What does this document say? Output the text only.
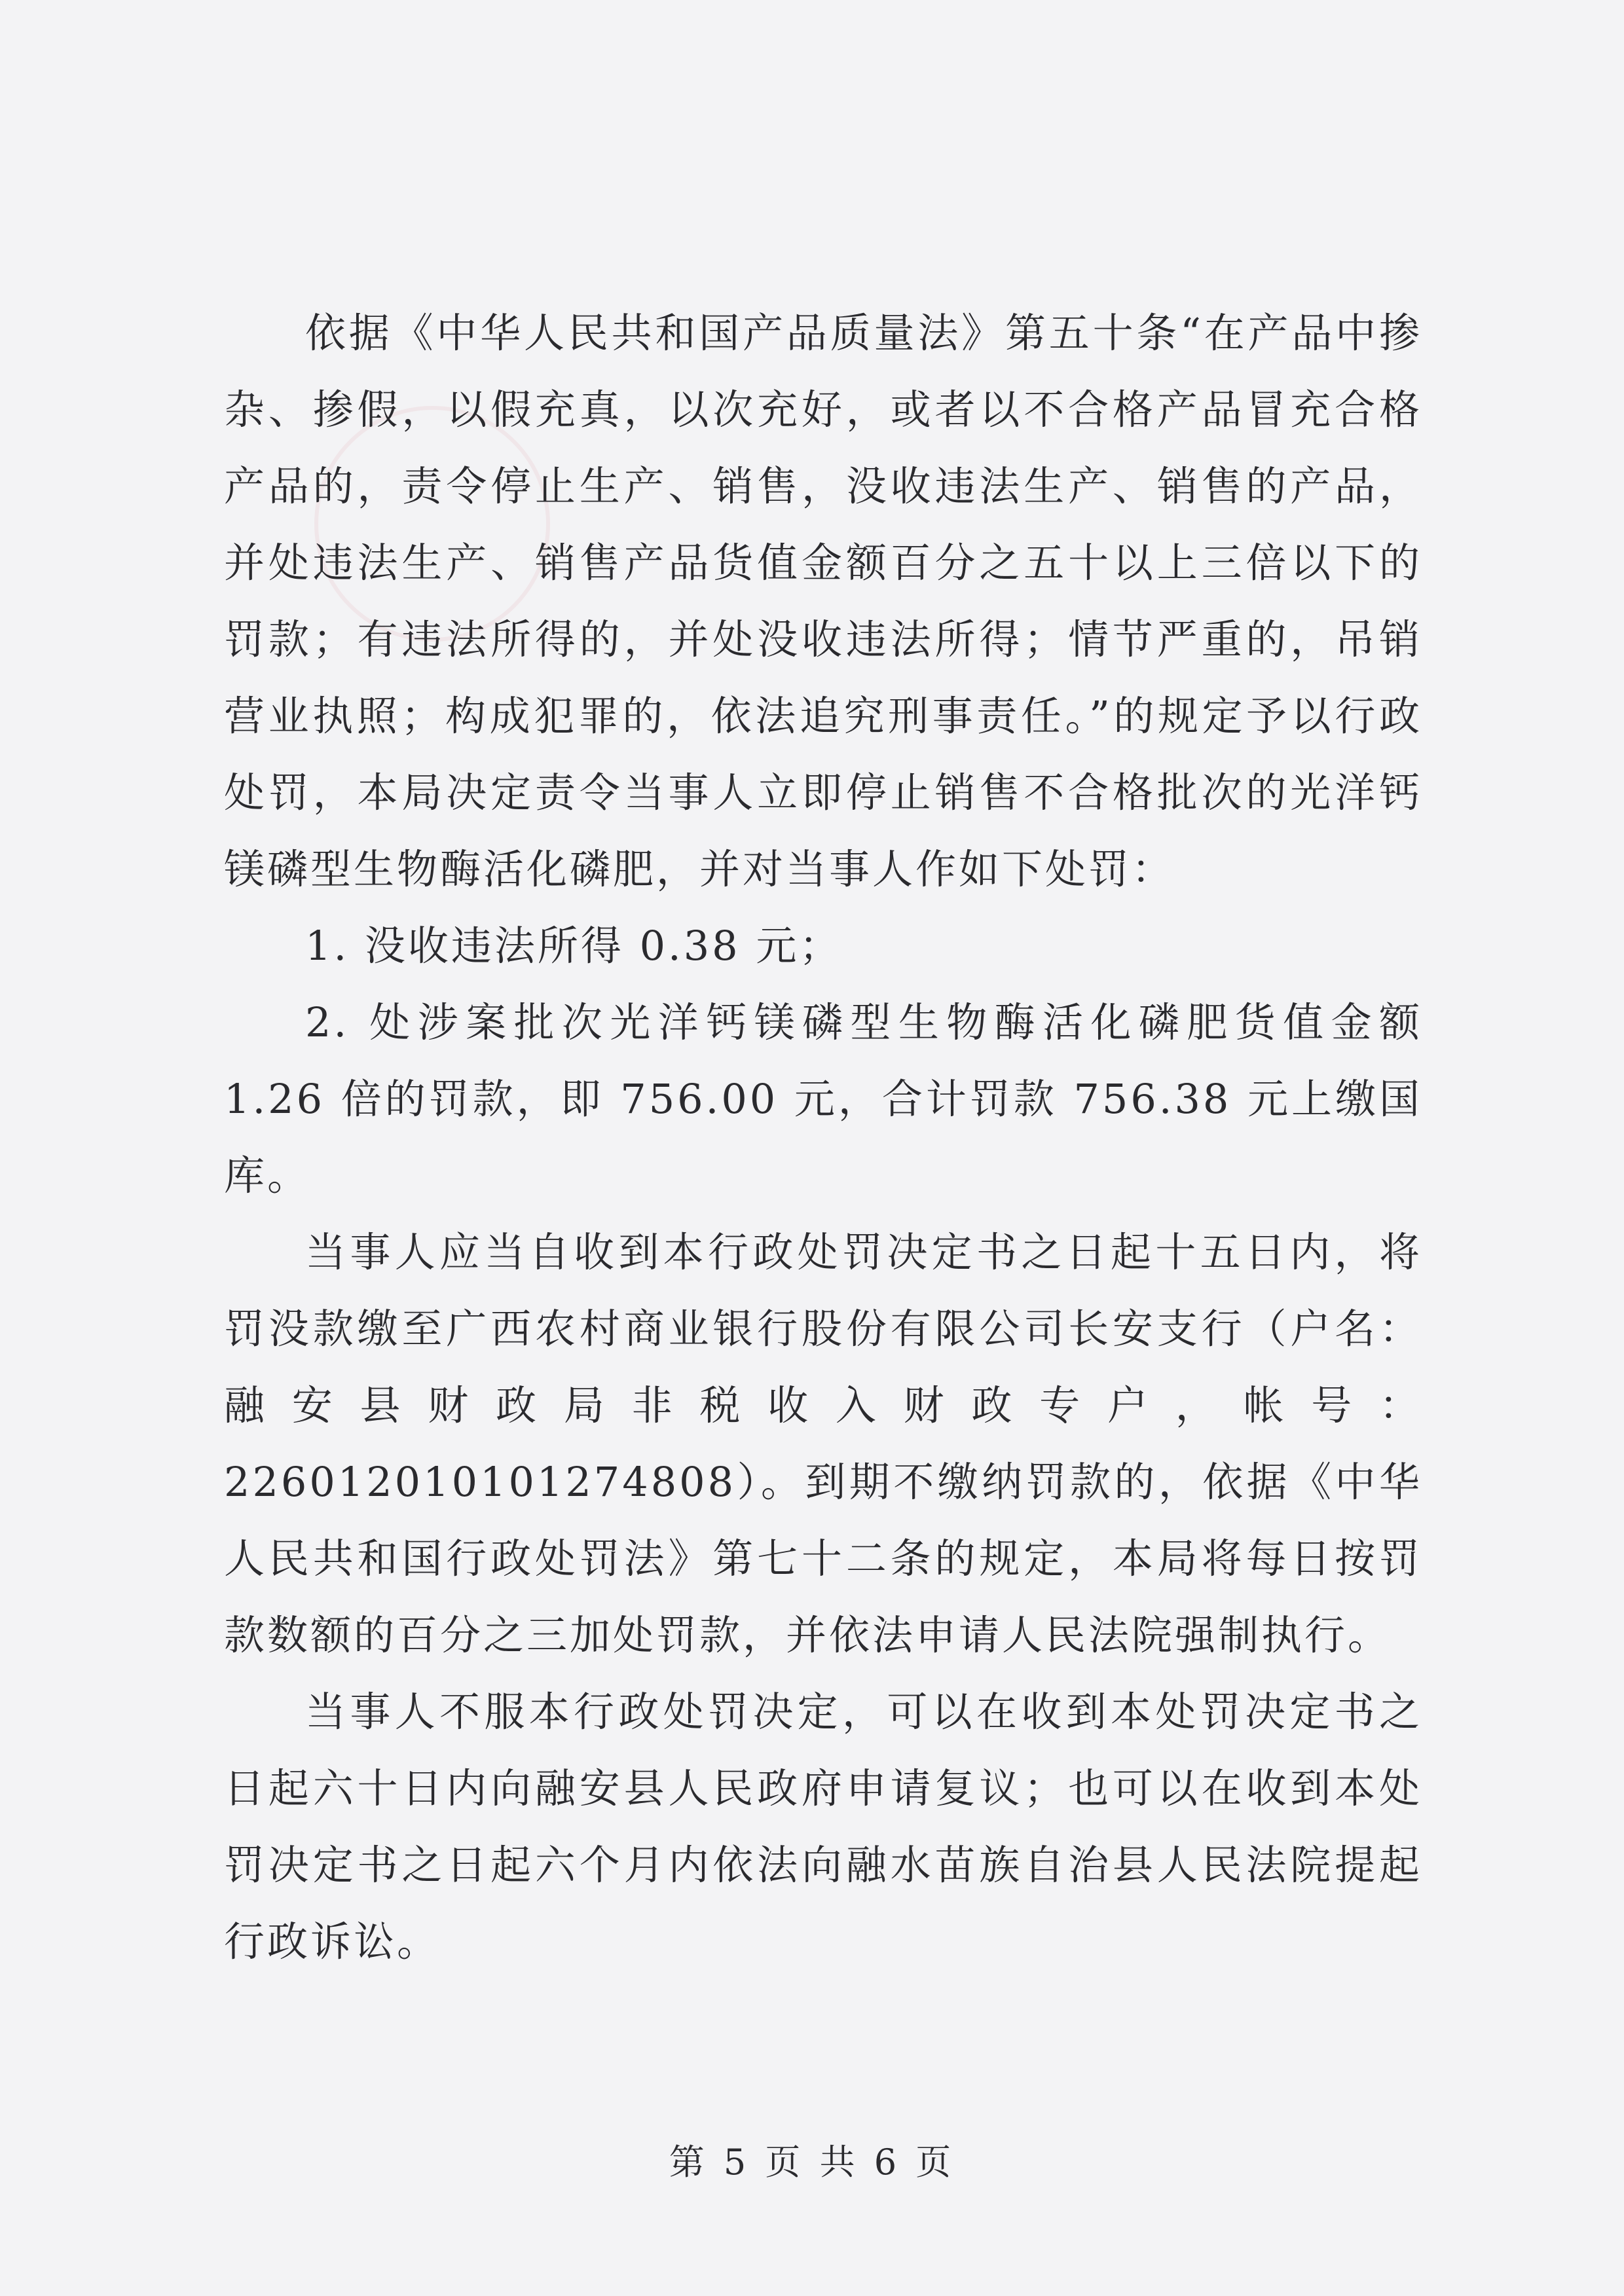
依据《中华人民共和国产品质量法》第五十条“在产品中掺杂、掺假，以假充真，以次充好，或者以不合格产品冒充合格产品的，责令停止生产、销售，没收违法生产、销售的产品，并处违法生产、销售产品货值金额百分之五十以上三倍以下的罚款；有违法所得的，并处没收违法所得；情节严重的，吊销营业执照；构成犯罪的，依法追究刑事责任。”的规定予以行政处罚，本局决定责令当事人立即停止销售不合格批次的光洋钙镁磷型生物酶活化磷肥，并对当事人作如下处罚：

1. 没收违法所得 0.38 元；

2. 处涉案批次光洋钙镁磷型生物酶活化磷肥货值金额 1.26 倍的罚款，即 756.00 元，合计罚款 756.38 元上缴国库。

当事人应当自收到本行政处罚决定书之日起十五日内，将罚没款缴至广西农村商业银行股份有限公司长安支行（户名：融安县财政局非税收入财政专户，帐号：226012010101274808）。到期不缴纳罚款的，依据《中华人民共和国行政处罚法》第七十二条的规定，本局将每日按罚款数额的百分之三加处罚款，并依法申请人民法院强制执行。

当事人不服本行政处罚决定，可以在收到本处罚决定书之日起六十日内向融安县人民政府申请复议；也可以在收到本处罚决定书之日起六个月内依法向融水苗族自治县人民法院提起行政诉讼。

第 5 页 共 6 页
